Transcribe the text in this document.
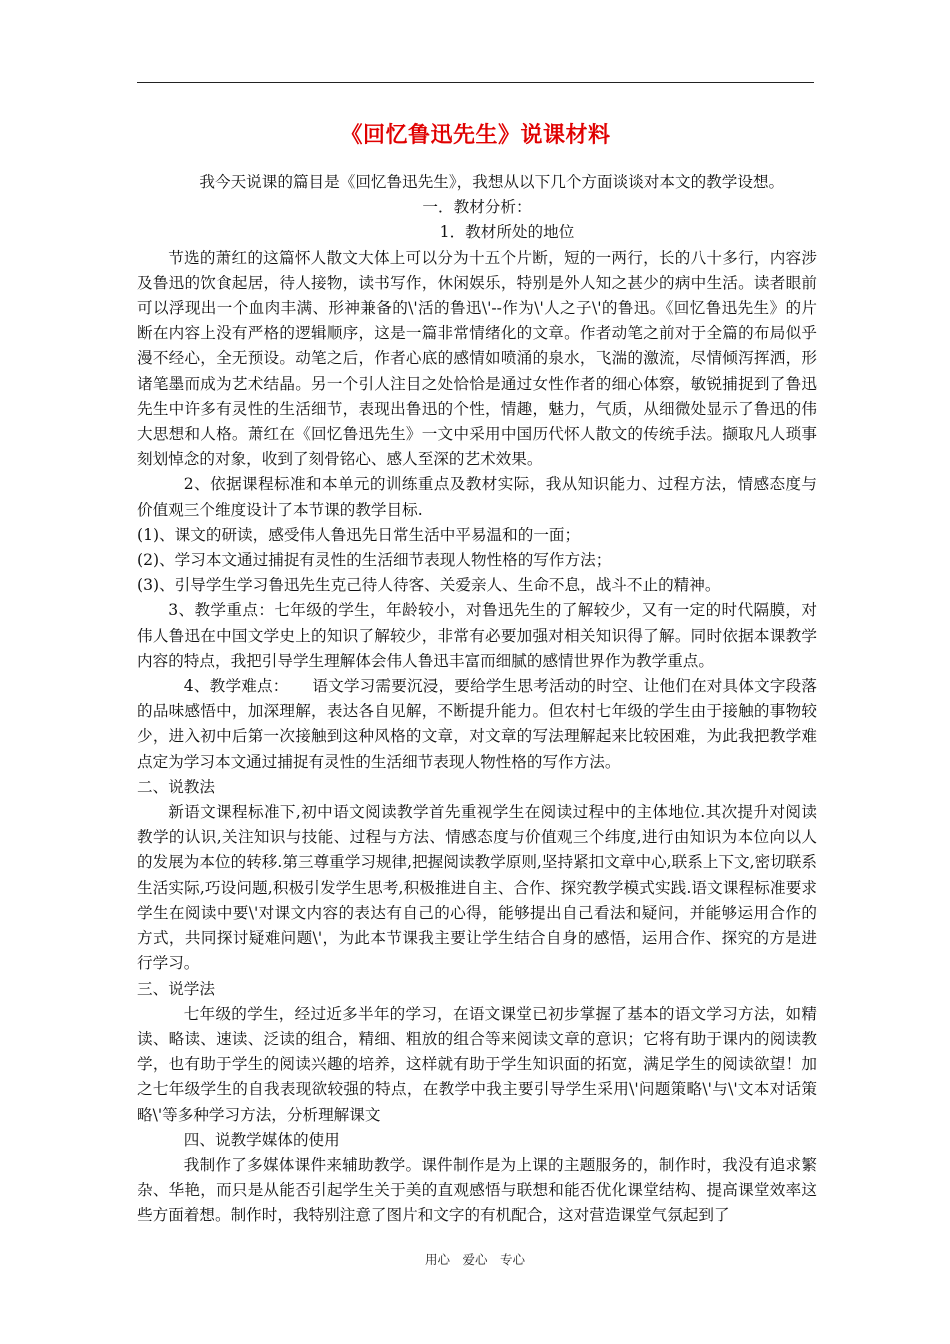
《回忆鲁迅先生》说课材料

我今天说课的篇目是《回忆鲁迅先生》，我想从以下几个方面谈谈对本文的教学设想。

一．教材分析：

1．教材所处的地位

节选的萧红的这篇怀人散文大体上可以分为十五个片断，短的一两行，长的八十多行，内容涉及鲁迅的饮食起居，待人接物，读书写作，休闲娱乐，特别是外人知之甚少的病中生活。读者眼前可以浮现出一个血肉丰满、形神兼备的\'活的鲁迅\'--作为\'人之子\'的鲁迅。《回忆鲁迅先生》的片断在内容上没有严格的逻辑顺序，这是一篇非常情绪化的文章。作者动笔之前对于全篇的布局似乎漫不经心，全无预设。动笔之后，作者心底的感情如喷涌的泉水，飞湍的激流，尽情倾泻挥洒，形诸笔墨而成为艺术结晶。另一个引人注目之处恰恰是通过女性作者的细心体察，敏锐捕捉到了鲁迅先生中许多有灵性的生活细节，表现出鲁迅的个性，情趣，魅力，气质，从细微处显示了鲁迅的伟大思想和人格。萧红在《回忆鲁迅先生》一文中采用中国历代怀人散文的传统手法。撷取凡人琐事刻划悼念的对象，收到了刻骨铭心、感人至深的艺术效果。

2、依据课程标准和本单元的训练重点及教材实际，我从知识能力、过程方法，情感态度与价值观三个维度设计了本节课的教学目标.

(1)、课文的研读，感受伟人鲁迅先日常生活中平易温和的一面；

(2)、学习本文通过捕捉有灵性的生活细节表现人物性格的写作方法；

(3)、引导学生学习鲁迅先生克己待人待客、关爱亲人、生命不息，战斗不止的精神。

3、教学重点：七年级的学生，年龄较小，对鲁迅先生的了解较少，又有一定的时代隔膜，对伟人鲁迅在中国文学史上的知识了解较少，非常有必要加强对相关知识得了解。同时依据本课教学内容的特点，我把引导学生理解体会伟人鲁迅丰富而细腻的感情世界作为教学重点。

4、教学难点：　　语文学习需要沉浸，要给学生思考活动的时空、让他们在对具体文字段落的品味感悟中，加深理解，表达各自见解，不断提升能力。但农村七年级的学生由于接触的事物较少，进入初中后第一次接触到这种风格的文章，对文章的写法理解起来比较困难，为此我把教学难点定为学习本文通过捕捉有灵性的生活细节表现人物性格的写作方法。

二、说教法

新语文课程标准下,初中语文阅读教学首先重视学生在阅读过程中的主体地位.其次提升对阅读教学的认识,关注知识与技能、过程与方法、情感态度与价值观三个纬度,进行由知识为本位向以人的发展为本位的转移.第三尊重学习规律,把握阅读教学原则,坚持紧扣文章中心,联系上下文,密切联系生活实际,巧设问题,积极引发学生思考,积极推进自主、合作、探究教学模式实践.语文课程标准要求学生在阅读中要\'对课文内容的表达有自己的心得，能够提出自己看法和疑问，并能够运用合作的方式，共同探讨疑难问题\'，为此本节课我主要让学生结合自身的感悟，运用合作、探究的方是进行学习。

三、说学法

七年级的学生，经过近多半年的学习，在语文课堂已初步掌握了基本的语文学习方法，如精读、略读、速读、泛读的组合，精细、粗放的组合等来阅读文章的意识；它将有助于课内的阅读教学，也有助于学生的阅读兴趣的培养，这样就有助于学生知识面的拓宽，满足学生的阅读欲望！加之七年级学生的自我表现欲较强的特点，在教学中我主要引导学生采用\'问题策略\'与\'文本对话策略\'等多种学习方法，分析理解课文

四、说教学媒体的使用

我制作了多媒体课件来辅助教学。课件制作是为上课的主题服务的，制作时，我没有追求繁杂、华艳，而只是从能否引起学生关于美的直观感悟与联想和能否优化课堂结构、提高课堂效率这些方面着想。制作时，我特别注意了图片和文字的有机配合，这对营造课堂气氛起到了

用心　爱心　专心
